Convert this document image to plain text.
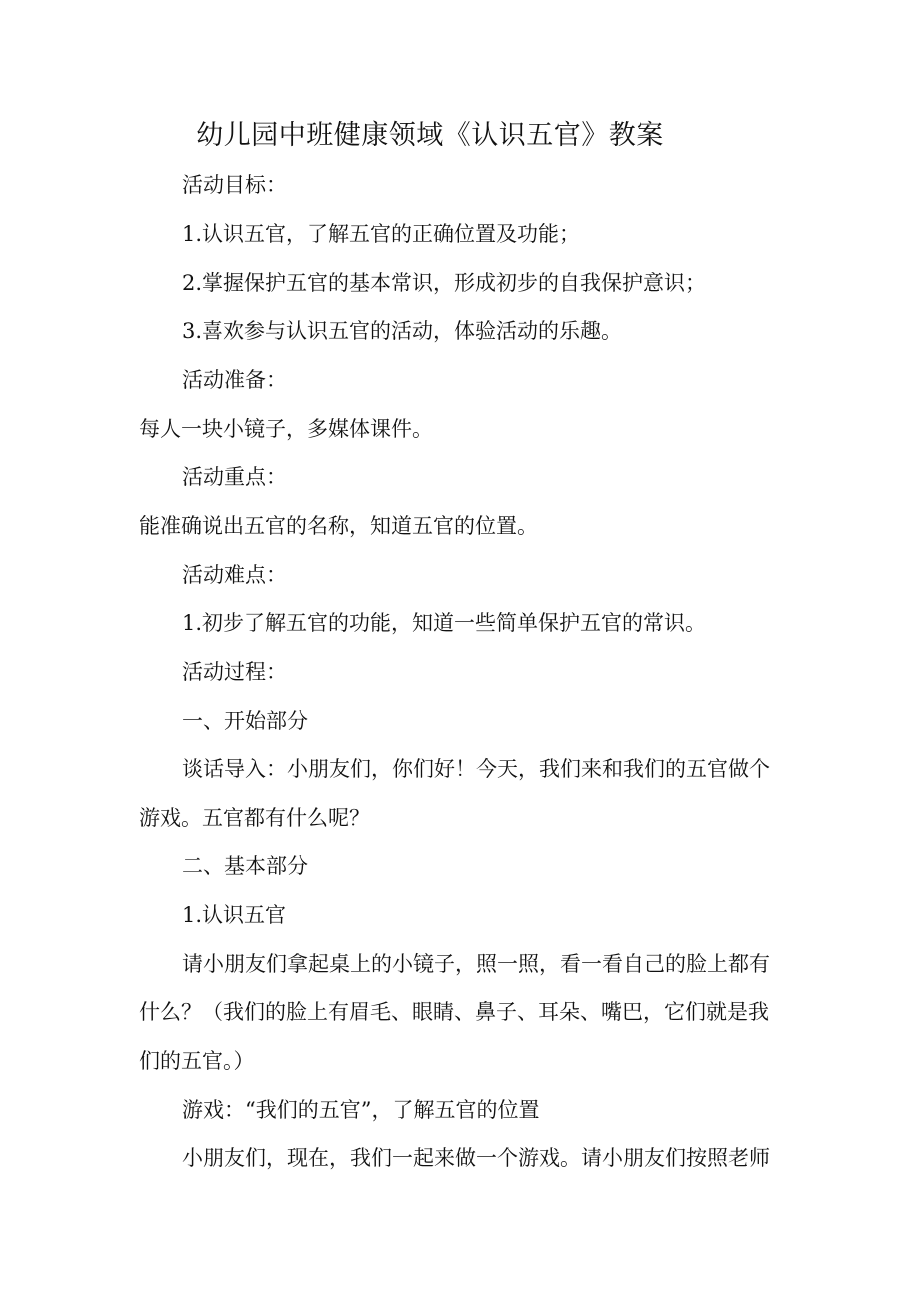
幼儿园中班健康领域《认识五官》教案
活动目标：
1.认识五官，了解五官的正确位置及功能；
2.掌握保护五官的基本常识，形成初步的自我保护意识；
3.喜欢参与认识五官的活动，体验活动的乐趣。
活动准备：
每人一块小镜子，多媒体课件。
活动重点：
能准确说出五官的名称，知道五官的位置。
活动难点：
1.初步了解五官的功能，知道一些简单保护五官的常识。
活动过程：
一、开始部分
谈话导入：小朋友们，你们好！今天，我们来和我们的五官做个
游戏。五官都有什么呢？
二、基本部分
1.认识五官
请小朋友们拿起桌上的小镜子，照一照，看一看自己的脸上都有
什么？（我们的脸上有眉毛、眼睛、鼻子、耳朵、嘴巴，它们就是我
们的五官。）
游戏：“我们的五官”，了解五官的位置
小朋友们，现在，我们一起来做一个游戏。请小朋友们按照老师
